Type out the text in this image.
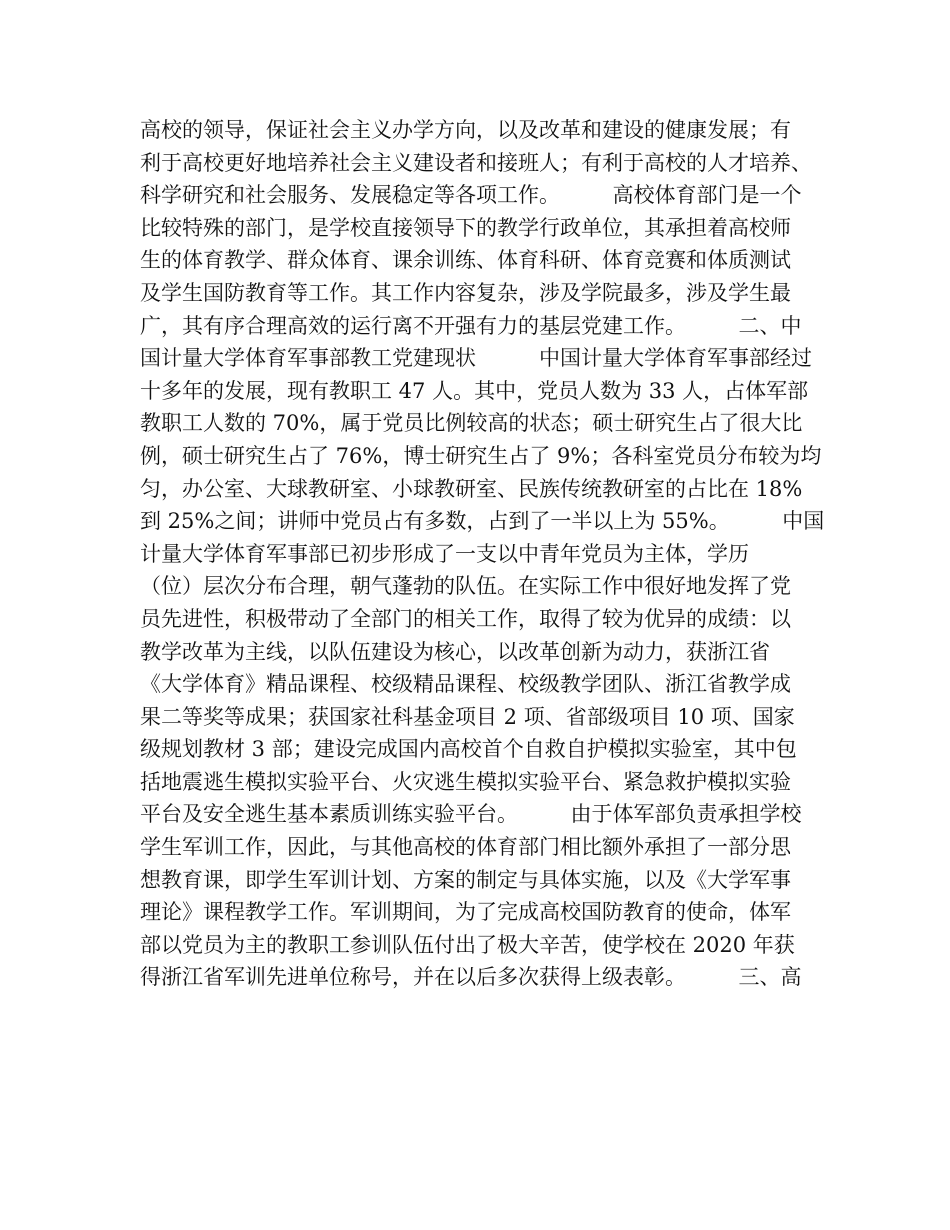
高校的领导，保证社会主义办学方向，以及改革和建设的健康发展；有
利于高校更好地培养社会主义建设者和接班人；有利于高校的人才培养、
科学研究和社会服务、发展稳定等各项工作。　　　高校体育部门是一个
比较特殊的部门，是学校直接领导下的教学行政单位，其承担着高校师
生的体育教学、群众体育、课余训练、体育科研、体育竞赛和体质测试
及学生国防教育等工作。其工作内容复杂，涉及学院最多，涉及学生最
广，其有序合理高效的运行离不开强有力的基层党建工作。　　　二、中
国计量大学体育军事部教工党建现状　　　中国计量大学体育军事部经过
十多年的发展，现有教职工 47 人。其中，党员人数为 33 人，占体军部
教职工人数的 70%，属于党员比例较高的状态；硕士研究生占了很大比
例，硕士研究生占了 76%，博士研究生占了 9%；各科室党员分布较为均
匀，办公室、大球教研室、小球教研室、民族传统教研室的占比在 18%
到 25%之间；讲师中党员占有多数，占到了一半以上为 55%。　　　中国
计量大学体育军事部已初步形成了一支以中青年党员为主体，学历
（位）层次分布合理，朝气蓬勃的队伍。在实际工作中很好地发挥了党
员先进性，积极带动了全部门的相关工作，取得了较为优异的成绩：以
教学改革为主线，以队伍建设为核心，以改革创新为动力，获浙江省
《大学体育》精品课程、校级精品课程、校级教学团队、浙江省教学成
果二等奖等成果；获国家社科基金项目 2 项、省部级项目 10 项、国家
级规划教材 3 部；建设完成国内高校首个自救自护模拟实验室，其中包
括地震逃生模拟实验平台、火灾逃生模拟实验平台、紧急救护模拟实验
平台及安全逃生基本素质训练实验平台。　　　由于体军部负责承担学校
学生军训工作，因此，与其他高校的体育部门相比额外承担了一部分思
想教育课，即学生军训计划、方案的制定与具体实施，以及《大学军事
理论》课程教学工作。军训期间，为了完成高校国防教育的使命，体军
部以党员为主的教职工参训队伍付出了极大辛苦，使学校在 2020 年获
得浙江省军训先进单位称号，并在以后多次获得上级表彰。　　　三、高
